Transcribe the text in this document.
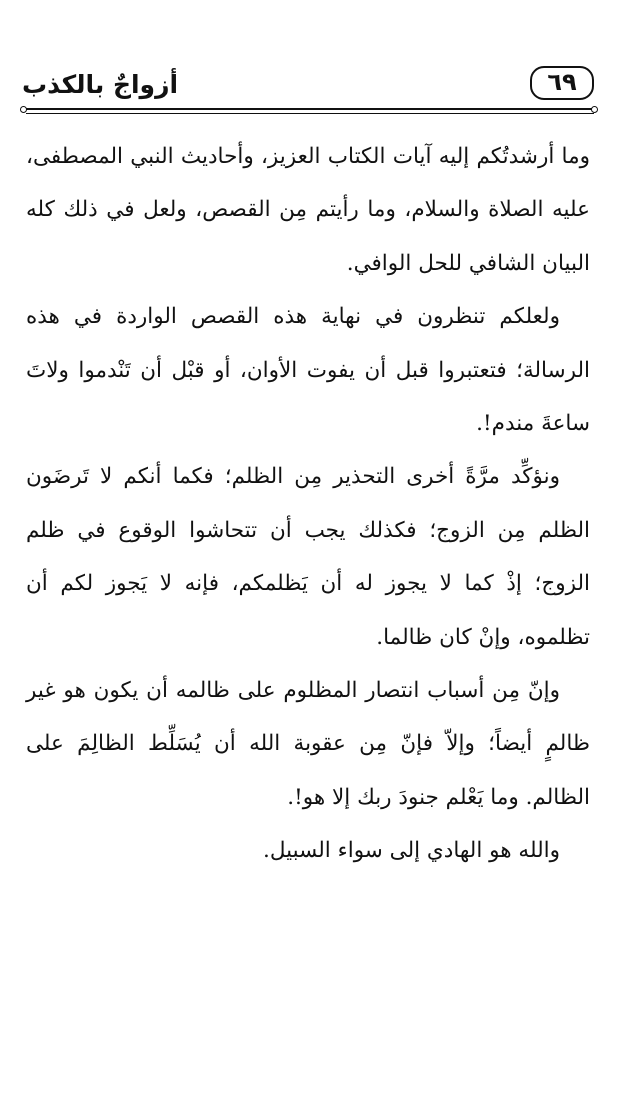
٦٩
أزواجٌ بالكذب

وما أرشدتُكم إليه آيات الكتاب العزيز، وأحاديث النبي المصطفى، عليه الصلاة والسلام، وما رأيتم مِن القصص، ولعل في ذلك كله البيان الشافي للحل الوافي.

ولعلكم تنظرون في نهاية هذه القصص الواردة في هذه الرسالة؛ فتعتبروا قبل أن يفوت الأوان، أو قبْل أن تَنْدموا ولاتَ ساعةَ مندم!.

ونؤكِّد مرَّةً أخرى التحذير مِن الظلم؛ فكما أنكم لا تَرضَون الظلم مِن الزوج؛ فكذلك يجب أن تتحاشوا الوقوع في ظلم الزوج؛ إذْ كما لا يجوز له أن يَظلمكم، فإنه لا يَجوز لكم أن تظلموه، وإنْ كان ظالما.

وإنّ مِن أسباب انتصار المظلوم على ظالمه أن يكون هو غير ظالمٍ أيضاً؛ وإلاّ فإنّ مِن عقوبة الله أن يُسَلِّط الظالِمَ على الظالم. وما يَعْلم جنودَ ربك إلا هو!.

والله هو الهادي إلى سواء السبيل.
